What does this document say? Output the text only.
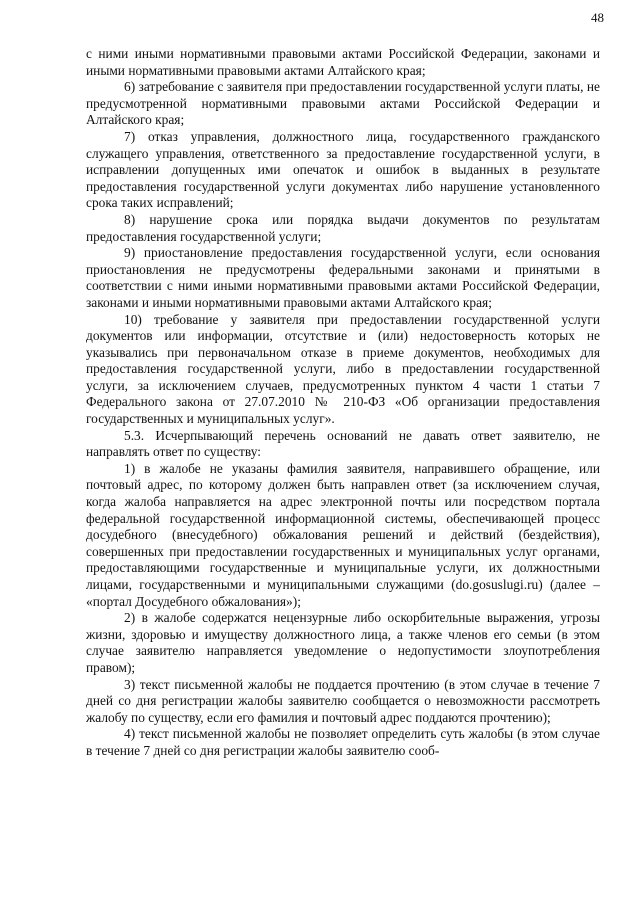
48

с ними иными нормативными правовыми актами Российской Федерации, законами и иными нормативными правовыми актами Алтайского края;

6) затребование с заявителя при предоставлении государственной услуги платы, не предусмотренной нормативными правовыми актами Российской Федерации и Алтайского края;

7) отказ управления, должностного лица, государственного гражданского служащего управления, ответственного за предоставление государственной услуги, в исправлении допущенных ими опечаток и ошибок в выданных в результате предоставления государственной услуги документах либо нарушение установленного срока таких исправлений;

8) нарушение срока или порядка выдачи документов по результатам предоставления государственной услуги;

9) приостановление предоставления государственной услуги, если основания приостановления не предусмотрены федеральными законами и принятыми в соответствии с ними иными нормативными правовыми актами Российской Федерации, законами и иными нормативными правовыми актами Алтайского края;

10) требование у заявителя при предоставлении государственной услуги документов или информации, отсутствие и (или) недостоверность которых не указывались при первоначальном отказе в приеме документов, необходимых для предоставления государственной услуги, либо в предоставлении государственной услуги, за исключением случаев, предусмотренных пунктом 4 части 1 статьи 7 Федерального закона от 27.07.2010 № 210-ФЗ «Об организации предоставления государственных и муниципальных услуг».

5.3. Исчерпывающий перечень оснований не давать ответ заявителю, не направлять ответ по существу:

1) в жалобе не указаны фамилия заявителя, направившего обращение, или почтовый адрес, по которому должен быть направлен ответ (за исключением случая, когда жалоба направляется на адрес электронной почты или посредством портала федеральной государственной информационной системы, обеспечивающей процесс досудебного (внесудебного) обжалования решений и действий (бездействия), совершенных при предоставлении государственных и муниципальных услуг органами, предоставляющими государственные и муниципальные услуги, их должностными лицами, государственными и муниципальными служащими (do.gosuslugi.ru) (далее – «портал Досудебного обжалования»);

2) в жалобе содержатся нецензурные либо оскорбительные выражения, угрозы жизни, здоровью и имуществу должностного лица, а также членов его семьи (в этом случае заявителю направляется уведомление о недопустимости злоупотребления правом);

3) текст письменной жалобы не поддается прочтению (в этом случае в течение 7 дней со дня регистрации жалобы заявителю сообщается о невозможности рассмотреть жалобу по существу, если его фамилия и почтовый адрес поддаются прочтению);

4) текст письменной жалобы не позволяет определить суть жалобы (в этом случае в течение 7 дней со дня регистрации жалобы заявителю сооб-
